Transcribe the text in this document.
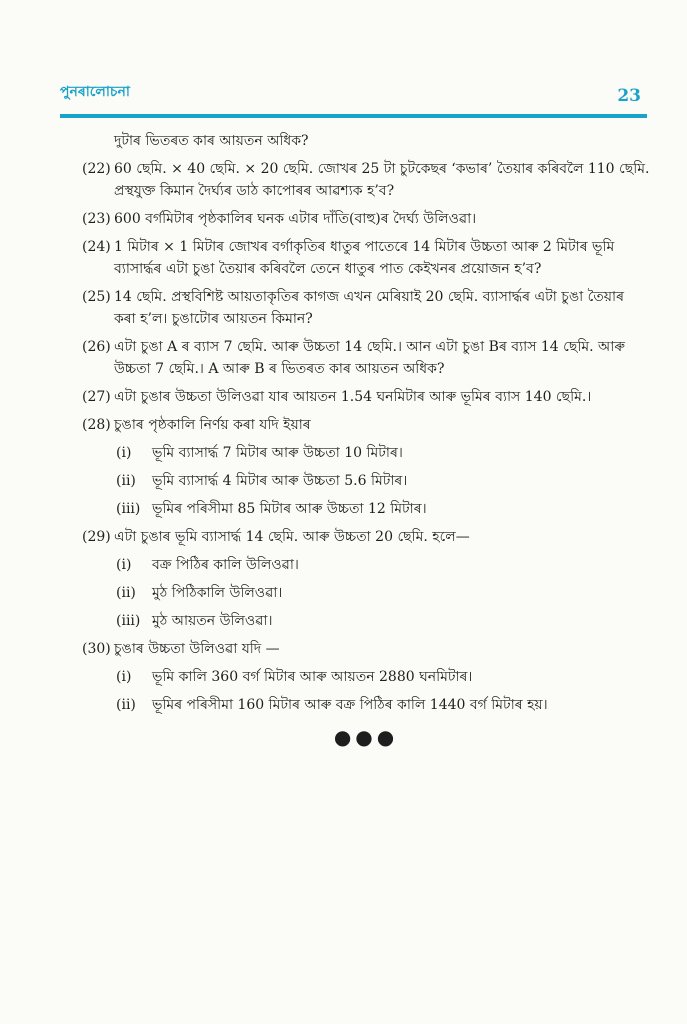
পুনৰালোচনা	23

দুটাৰ ভিতৰত কাৰ আয়তন অধিক?

(22) 60 ছেমি. × 40 ছেমি. × 20 ছেমি. জোখৰ 25 টা চুটকেছৰ ‘কভাৰ’ তৈয়াৰ কৰিবলৈ 110 ছেমি. প্ৰস্থযুক্ত কিমান দৈৰ্ঘ্যৰ ডাঠ কাপোৰৰ আৱশ্যক হ’ব?
(23) 600 বৰ্গমিটাৰ পৃষ্ঠকালিৰ ঘনক এটাৰ দাঁতি(বাহু)ৰ দৈৰ্ঘ্য উলিওৱা।
(24) 1 মিটাৰ × 1 মিটাৰ জোখৰ বৰ্গাকৃতিৰ ধাতুৰ পাতেৰে 14 মিটাৰ উচ্চতা আৰু 2 মিটাৰ ভূমি ব্যাসাৰ্দ্ধৰ এটা চুঙা তৈয়াৰ কৰিবলৈ তেনে ধাতুৰ পাত কেইখনৰ প্ৰয়োজন হ’ব?
(25) 14 ছেমি. প্ৰস্থবিশিষ্ট আয়তাকৃতিৰ কাগজ এখন মেৰিয়াই 20 ছেমি. ব্যাসাৰ্দ্ধৰ এটা চুঙা তৈয়াৰ কৰা হ’ল। চুঙাটোৰ আয়তন কিমান?
(26) এটা চুঙা A ৰ ব্যাস 7 ছেমি. আৰু উচ্চতা 14 ছেমি.। আন এটা চুঙা Bৰ ব্যাস 14 ছেমি. আৰু উচ্চতা 7 ছেমি.। A আৰু B ৰ ভিতৰত কাৰ আয়তন অধিক?
(27) এটা চুঙাৰ উচ্চতা উলিওৱা যাৰ আয়তন 1.54 ঘনমিটাৰ আৰু ভূমিৰ ব্যাস 140 ছেমি.।
(28) চুঙাৰ পৃষ্ঠকালি নিৰ্ণয় কৰা যদি ইয়াৰ
(i) ভূমি ব্যাসাৰ্দ্ধ 7 মিটাৰ আৰু উচ্চতা 10 মিটাৰ।
(ii) ভূমি ব্যাসাৰ্দ্ধ 4 মিটাৰ আৰু উচ্চতা 5.6 মিটাৰ।
(iii) ভূমিৰ পৰিসীমা 85 মিটাৰ আৰু উচ্চতা 12 মিটাৰ।
(29) এটা চুঙাৰ ভূমি ব্যাসাৰ্দ্ধ 14 ছেমি. আৰু উচ্চতা 20 ছেমি. হলে—
(i) বক্ৰ পিঠিৰ কালি উলিওৱা।
(ii) মুঠ পিঠিকালি উলিওৱা।
(iii) মুঠ আয়তন উলিওৱা।
(30) চুঙাৰ উচ্চতা উলিওৱা যদি —
(i) ভূমি কালি 360 বৰ্গ মিটাৰ আৰু আয়তন 2880 ঘনমিটাৰ।
(ii) ভূমিৰ পৰিসীমা 160 মিটাৰ আৰু বক্ৰ পিঠিৰ কালি 1440 বৰ্গ মিটাৰ হয়।
●●●
